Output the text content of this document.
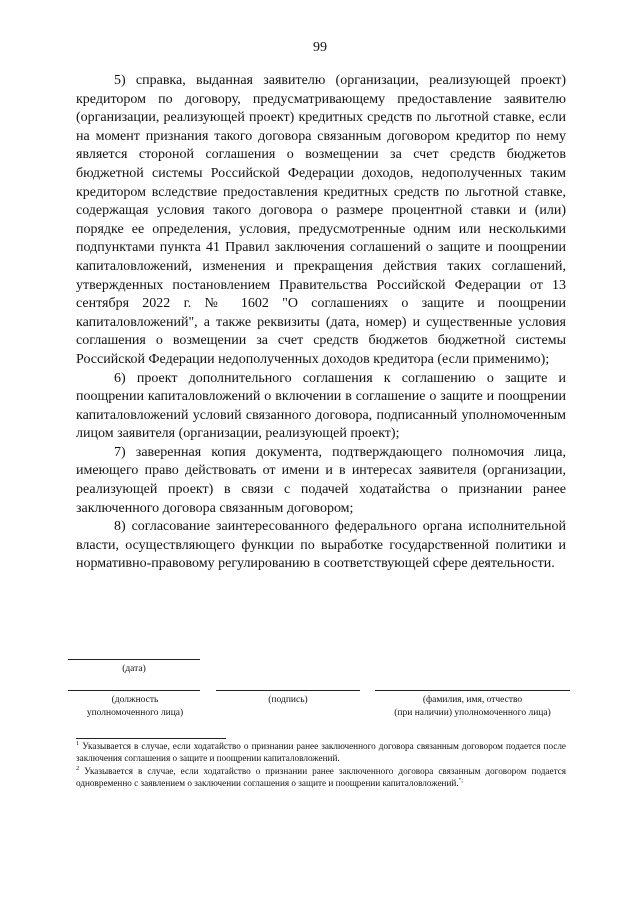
99

5) справка, выданная заявителю (организации, реализующей проект) кредитором по договору, предусматривающему предоставление заявителю (организации, реализующей проект) кредитных средств по льготной ставке, если на момент признания такого договора связанным договором кредитор по нему является стороной соглашения о возмещении за счет средств бюджетов бюджетной системы Российской Федерации доходов, недополученных таким кредитором вследствие предоставления кредитных средств по льготной ставке, содержащая условия такого договора о размере процентной ставки и (или) порядке ее определения, условия, предусмотренные одним или несколькими подпунктами пункта 41 Правил заключения соглашений о защите и поощрении капиталовложений, изменения и прекращения действия таких соглашений, утвержденных постановлением Правительства Российской Федерации от 13 сентября 2022 г. № 1602 "О соглашениях о защите и поощрении капиталовложений", а также реквизиты (дата, номер) и существенные условия соглашения о возмещении за счет средств бюджетов бюджетной системы Российской Федерации недополученных доходов кредитора (если применимо);

6) проект дополнительного соглашения к соглашению о защите и поощрении капиталовложений о включении в соглашение о защите и поощрении капиталовложений условий связанного договора, подписанный уполномоченным лицом заявителя (организации, реализующей проект);

7) заверенная копия документа, подтверждающего полномочия лица, имеющего право действовать от имени и в интересах заявителя (организации, реализующей проект) в связи с подачей ходатайства о признании ранее заключенного договора связанным договором;

8) согласование заинтересованного федерального органа исполнительной власти, осуществляющего функции по выработке государственной политики и нормативно-правовому регулированию в соответствующей сфере деятельности.

(дата)
(должность
уполномоченного лица)
(подпись)	(фамилия, имя, отчество
(при наличии) уполномоченного лица)

$^1$ Указывается в случае, если ходатайство о признании ранее заключенного договора связанным договором подается после заключения соглашения о защите и поощрении капиталовложений.

$^2$ Указывается в случае, если ходатайство о признании ранее заключенного договора связанным договором подается одновременно с заявлением о заключении соглашения о защите и поощрении капиталовложений.";
